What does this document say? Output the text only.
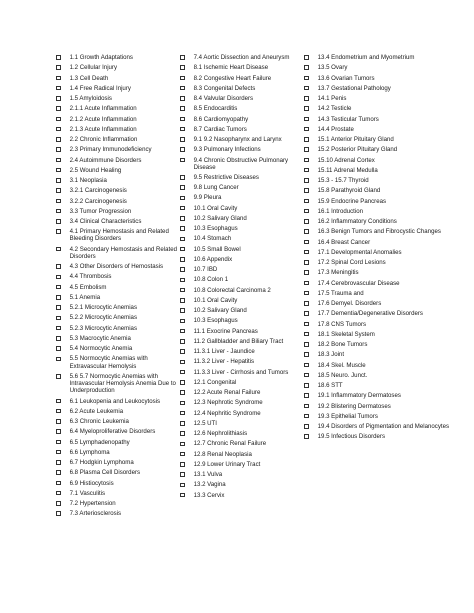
1.1 Growth Adaptations
1.2 Cellular Injury
1.3 Cell Death
1.4 Free Radical Injury
1.5 Amyloidosis
2.1.1 Acute Inflammation
2.1.2 Acute Inflammation
2.1.3 Acute Inflammation
2.2 Chronic Inflammation
2.3 Primary Immunodeficiency
2.4 Autoimmune Disorders
2.5 Wound Healing
3.1 Neoplasia
3.2.1 Carcinogenesis
3.2.2 Carcinogenesis
3.3 Tumor Progression
3.4 Clinical Characteristics
4.1 Primary Hemostasis and Related Bleeding Disorders
4.2 Secondary Hemostasis and Related Disorders
4.3 Other Disorders of Hemostasis
4.4 Thrombosis
4.5 Embolism
5.1 Anemia
5.2.1 Microcytic Anemias
5.2.2 Microcytic Anemias
5.2.3 Microcytic Anemias
5.3 Macrocytic Anemia
5.4 Normocytic Anemia
5.5 Normocytic Anemias with Extravascular Hemolysis
5.6 5.7 Normocytic Anemias with Intravascular Hemolysis Anemia Due to Underproduction
6.1 Leukopenia and Leukocytosis
6.2 Acute Leukemia
6.3 Chronic Leukemia
6.4 Myeloproliferative Disorders
6.5 Lymphadenopathy
6.6 Lymphoma
6.7 Hodgkin Lymphoma
6.8 Plasma Cell Disorders
6.9 Histiocytosis
7.1 Vasculitis
7.2 Hypertension
7.3 Arteriosclerosis
7.4 Aortic Dissection and Aneurysm
8.1 Ischemic Heart Disease
8.2 Congestive Heart Failure
8.3 Congenital Defects
8.4 Valvular Disorders
8.5 Endocarditis
8.6 Cardiomyopathy
8.7 Cardiac Tumors
9.1 9.2 Nasopharynx and Larynx
9.3 Pulmonary Infections
9.4 Chronic Obstructive Pulmonary Disease
9.5 Restrictive Diseases
9.8 Lung Cancer
9.9 Pleura
10.1 Oral Cavity
10.2 Salivary Gland
10.3 Esophagus
10.4 Stomach
10.5 Small Bowel
10.6 Appendix
10.7 IBD
10.8 Colon 1
10.8 Colorectal Carcinoma 2
10.1 Oral Cavity
10.2 Salivary Gland
10.3 Esophagus
11.1 Exocrine Pancreas
11.2 Gallbladder and Biliary Tract
11.3.1 Liver - Jaundice
11.3.2 Liver - Hepatitis
11.3.3 Liver - Cirrhosis and Tumors
12.1 Congenital
12.2 Acute Renal Failure
12.3 Nephrotic Syndrome
12.4 Nephritic Syndrome
12.5 UTI
12.6 Nephrolithiasis
12.7 Chronic Renal Failure
12.8 Renal Neoplasia
12.9 Lower Urinary Tract
13.1 Vulva
13.2 Vagina
13.3 Cervix
13.4 Endometrium and Myometrium
13.5 Ovary
13.6 Ovarian Tumors
13.7 Gestational Pathology
14.1 Penis
14.2 Testicle
14.3 Testicular Tumors
14.4 Prostate
15.1 Anterior Pituitary Gland
15.2 Posterior Pituitary Gland
15.10 Adrenal Cortex
15.11 Adrenal Medulla
15.3 - 15.7 Thyroid
15.8 Parathyroid Gland
15.9 Endocrine Pancreas
16.1 Introduction
16.2 Inflammatory Conditions
16.3 Benign Tumors and Fibrocystic Changes
16.4 Breast Cancer
17.1 Developmental Anomalies
17.2 Spinal Cord Lesions
17.3 Meningitis
17.4 Cerebrovascular Disease
17.5 Trauma and
17.6 Demyel. Disorders
17.7 Dementia/Degenerative Disorders
17.8 CNS Tumors
18.1 Skeletal System
18.2 Bone Tumors
18.3 Joint
18.4 Skel. Muscle
18.5 Neuro. Junct.
18.6 STT
19.1 Inflammatory Dermatoses
19.2 Blistering Dermatoses
19.3 Epithelial Tumors
19.4 Disorders of Pigmentation and Melanocytes
19.5 Infectious Disorders
